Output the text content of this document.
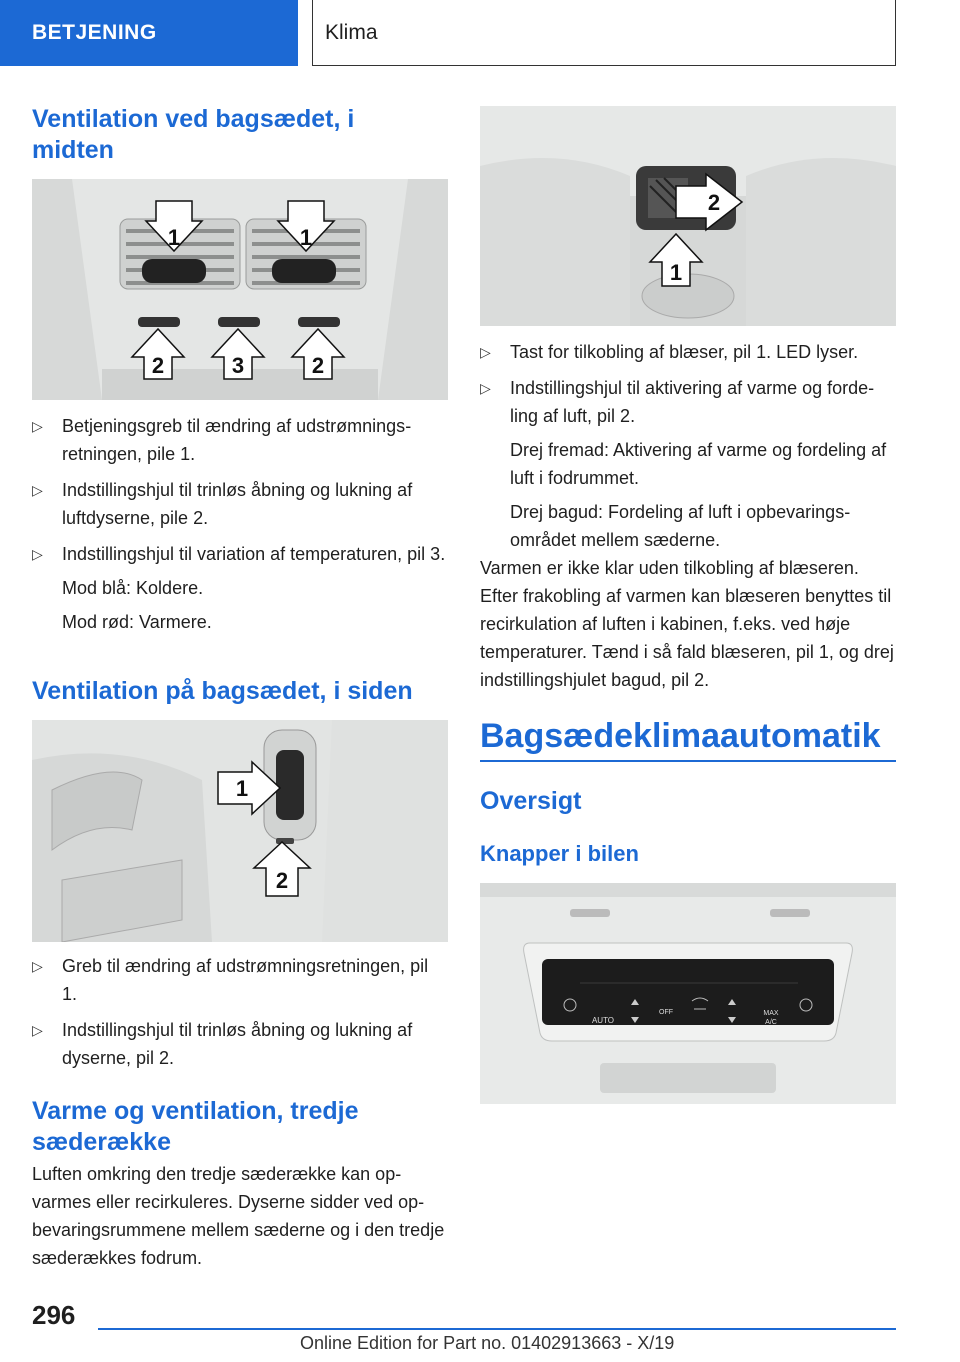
BETJENING	Klima
Ventilation ved bagsædet, i midten
1	1
2	3	2
▷ Betjeningsgreb til ændring af udstrømningsretningen, pile 1.
▷ Indstillingshjul til trinløs åbning og lukning af luftdyserne, pile 2.
▷ Indstillingshjul til variation af temperaturen, pil 3.
Mod blå: Koldere.
Mod rød: Varmere.
Ventilation på bagsædet, i siden
1
2
▷ Greb til ændring af udstrømningsretningen, pil 1.
▷ Indstillingshjul til trinløs åbning og lukning af dyserne, pil 2.
Varme og ventilation, tredje sæderække

Luften omkring den tredje sæderække kan opvarmes eller recirkuleres. Dyserne sidder ved opbevaringsrummene mellem sæderne og i den tredje sæderækkes fodrum.

2
1
▷ Tast for tilkobling af blæser, pil 1. LED lyser.
▷ Indstillingshjul til aktivering af varme og fordeling af luft, pil 2.
Drej fremad: Aktivering af varme og fordeling af luft i fodrummet.
Drej bagud: Fordeling af luft i opbevaringsområdet mellem sæderne.

Varmen er ikke klar uden tilkobling af blæseren. Efter frakobling af varmen kan blæseren benyttes til recirkulation af luften i kabinen, f.eks. ved høje temperaturer. Tænd i så fald blæseren, pil 1, og drej indstillingshjulet bagud, pil 2.

Bagsædeklimaautomatik
Oversigt
Knapper i bilen
AUTO
OFF	MAX
A/C
296
Online Edition for Part no. 01402913663 - X/19
